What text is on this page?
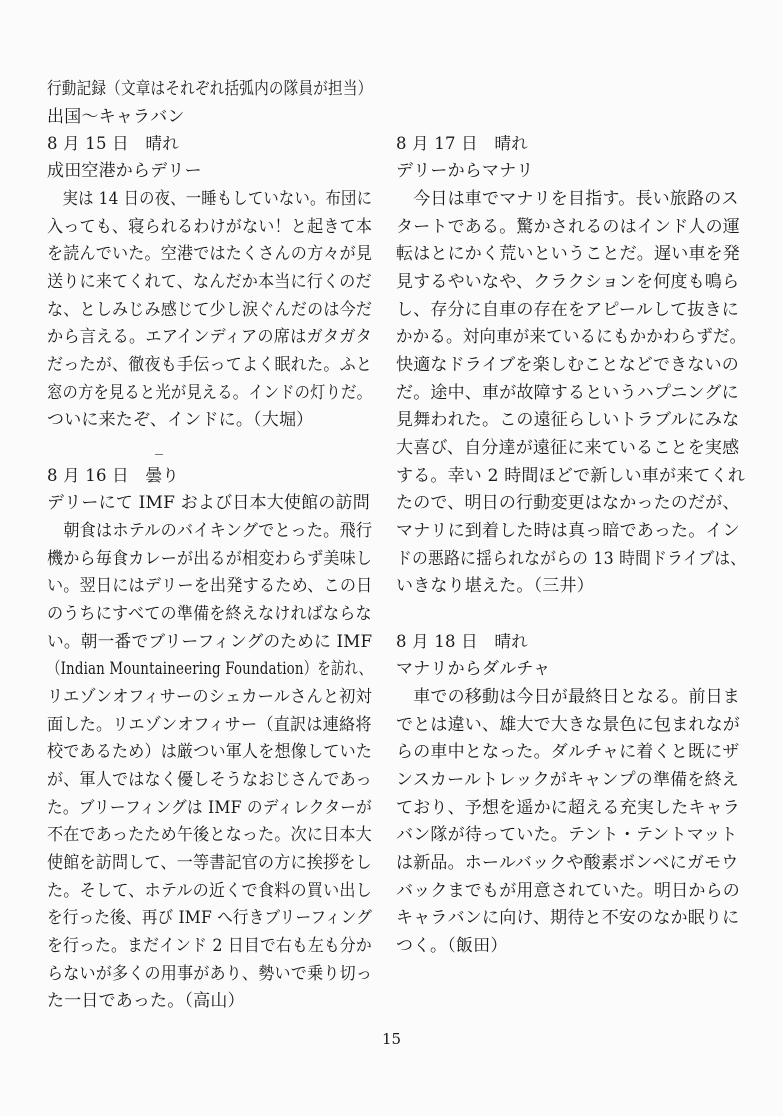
行動記録（文章はそれぞれ括弧内の隊員が担当）
出国〜キャラバン
8 月 15 日　晴れ
成田空港からデリー
　実は 14 日の夜、一睡もしていない。布団に
入っても、寝られるわけがない！と起きて本
を読んでいた。空港ではたくさんの方々が見
送りに来てくれて、なんだか本当に行くのだ
な、としみじみ感じて少し涙ぐんだのは今だ
から言える。エアインディアの席はガタガタ
だったが、徹夜も手伝ってよく眠れた。ふと
窓の方を見ると光が見える。インドの灯りだ。
ついに来たぞ、インドに。（大堀）
8 月 16 日　曇り
デリーにて IMF および日本大使館の訪問
　朝食はホテルのバイキングでとった。飛行
機から毎食カレーが出るが相変わらず美味し
い。翌日にはデリーを出発するため、この日
のうちにすべての準備を終えなければならな
い。朝一番でブリーフィングのために IMF
（Indian Mountaineering Foundation）を訪れ、
リエゾンオフィサーのシェカールさんと初対
面した。リエゾンオフィサー（直訳は連絡将
校であるため）は厳つい軍人を想像していた
が、軍人ではなく優しそうなおじさんであっ
た。ブリーフィングは IMF のディレクターが
不在であったため午後となった。次に日本大
使館を訪問して、一等書記官の方に挨拶をし
た。そして、ホテルの近くで食料の買い出し
を行った後、再び IMF へ行きブリーフィング
を行った。まだインド 2 日目で右も左も分か
らないが多くの用事があり、勢いで乗り切っ
た一日であった。（高山）
8 月 17 日　晴れ
デリーからマナリ
　今日は車でマナリを目指す。長い旅路のス
タートである。驚かされるのはインド人の運
転はとにかく荒いということだ。遅い車を発
見するやいなや、クラクションを何度も鳴ら
し、存分に自車の存在をアピールして抜きに
かかる。対向車が来ているにもかかわらずだ。
快適なドライブを楽しむことなどできないの
だ。途中、車が故障するというハプニングに
見舞われた。この遠征らしいトラブルにみな
大喜び、自分達が遠征に来ていることを実感
する。幸い 2 時間ほどで新しい車が来てくれ
たので、明日の行動変更はなかったのだが、
マナリに到着した時は真っ暗であった。イン
ドの悪路に揺られながらの 13 時間ドライブは、
いきなり堪えた。（三井）
8 月 18 日　晴れ
マナリからダルチャ
　車での移動は今日が最終日となる。前日ま
でとは違い、雄大で大きな景色に包まれなが
らの車中となった。ダルチャに着くと既にザ
ンスカールトレックがキャンプの準備を終え
ており、予想を遥かに超える充実したキャラ
バン隊が待っていた。テント・テントマット
は新品。ホールバックや酸素ボンベにガモウ
バックまでもが用意されていた。明日からの
キャラバンに向け、期待と不安のなか眠りに
つく。（飯田）
15
